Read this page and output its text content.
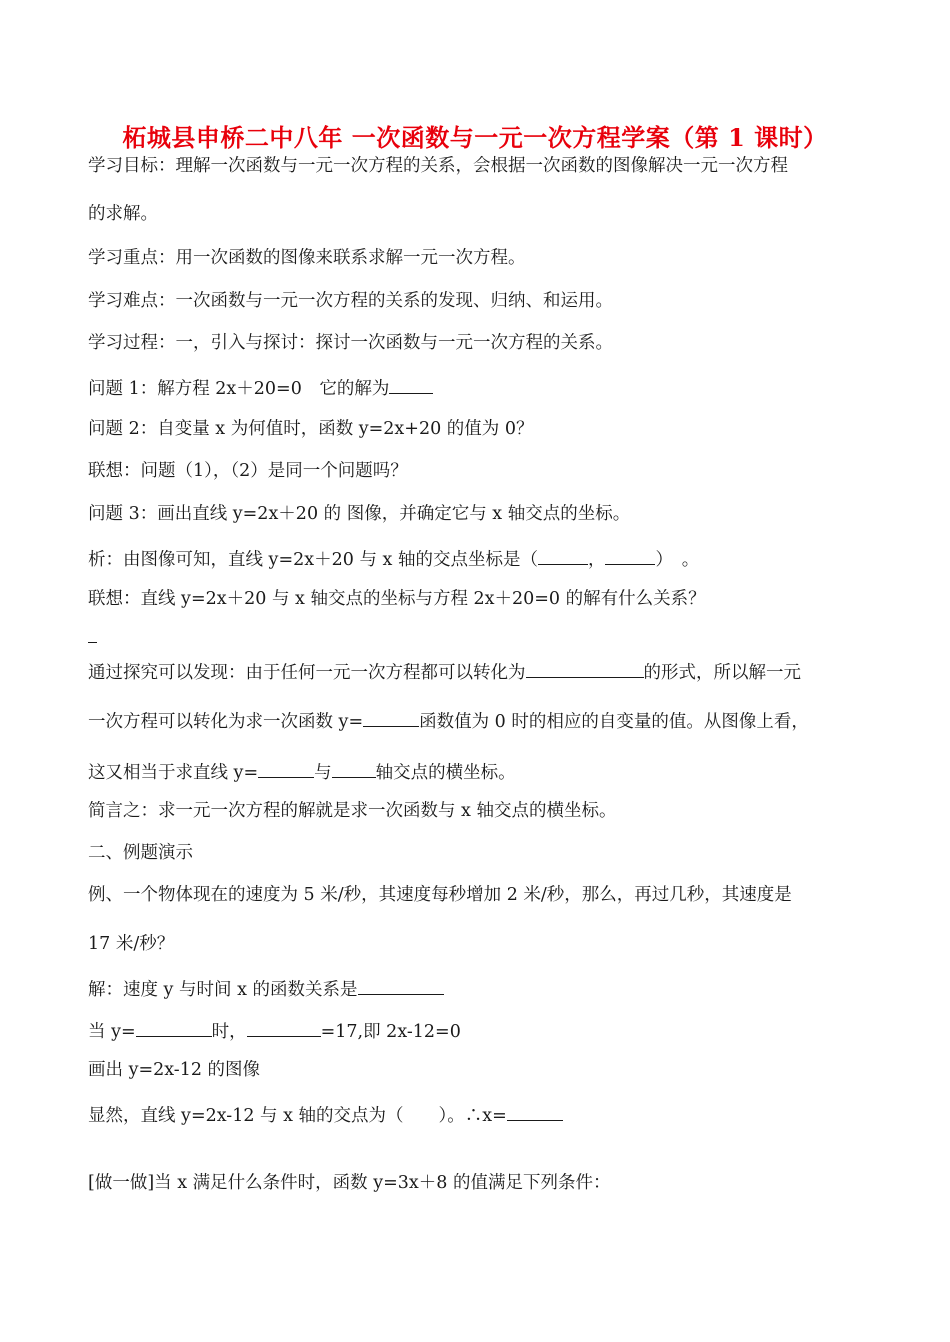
柘城县申桥二中八年 一次函数与一元一次方程学案（第 1 课时）
学习目标：理解一次函数与一元一次方程的关系，会根据一次函数的图像解决一元一次方程
的求解。
学习重点：用一次函数的图像来联系求解一元一次方程。
学习难点：一次函数与一元一次方程的关系的发现、归纳、和运用。
学习过程：一，引入与探讨：探讨一次函数与一元一次方程的关系。
问题 1：解方程 2x＋20=0　它的解为
问题 2：自变量 x 为何值时，函数 y=2x+20 的值为 0？
联想：问题（1），（2）是同一个问题吗？
问题 3：画出直线 y=2x＋20 的 图像，并确定它与 x 轴交点的坐标。
析：由图像可知，直线 y=2x＋20 与 x 轴的交点坐标是（	，	）　。
联想：直线 y=2x＋20 与 x 轴交点的坐标与方程 2x＋20=0 的解有什么关系？
通过探究可以发现：由于任何一元一次方程都可以转化为	的形式，所以解一元
一次方程可以转化为求一次函数 y=	函数值为 0 时的相应的自变量的值。从图像上看，
这又相当于求直线 y=	与	轴交点的横坐标。
简言之：求一元一次方程的解就是求一次函数与 x 轴交点的横坐标。
二、例题演示
例、一个物体现在的速度为 5 米/秒，其速度每秒增加 2 米/秒，那么，再过几秒，其速度是
17 米/秒？
解：速度 y 与时间 x 的函数关系是
当 y=	时，	=17,即 2x-12=0
画出 y=2x-12 的图像
显然，直线 y=2x-12 与 x 轴的交点为（　　）。∴x=
[做一做]当 x 满足什么条件时，函数 y=3x＋8 的值满足下列条件：
